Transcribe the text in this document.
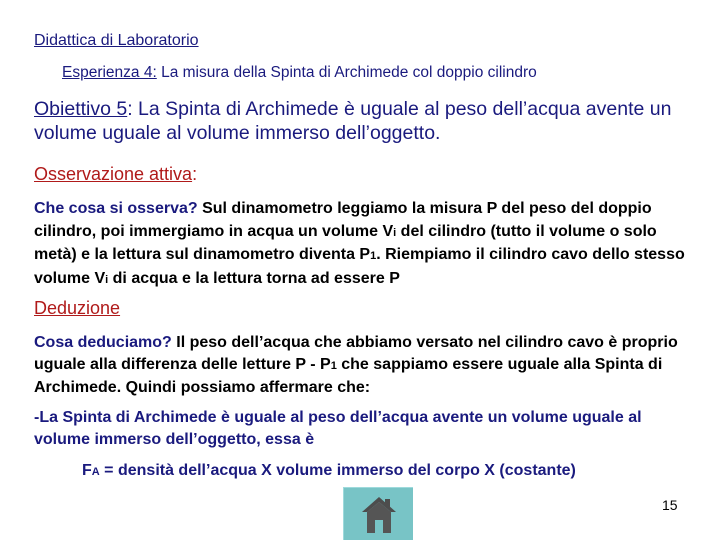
Didattica di Laboratorio
Esperienza 4: La misura della Spinta di Archimede col doppio cilindro
Obiettivo 5: La Spinta di Archimede è uguale al peso dell’acqua avente un volume uguale al volume immerso dell’oggetto.
Osservazione attiva:
Che cosa si osserva? Sul dinamometro leggiamo la misura P del peso del doppio cilindro, poi immergiamo in acqua un volume Vi del cilindro (tutto il volume o solo metà) e la lettura sul dinamometro diventa P1. Riempiamo il cilindro cavo dello stesso volume Vi di acqua e la lettura torna ad essere P
Deduzione
Cosa deduciamo? Il peso dell’acqua che abbiamo versato nel cilindro cavo è proprio uguale alla differenza delle letture P - P1 che sappiamo essere uguale alla Spinta di Archimede. Quindi possiamo affermare che:
-La Spinta di Archimede è uguale al peso dell’acqua avente un volume uguale al volume immerso dell’oggetto, essa è
FA = densità dell’acqua X volume immerso del corpo X (costante)
15
